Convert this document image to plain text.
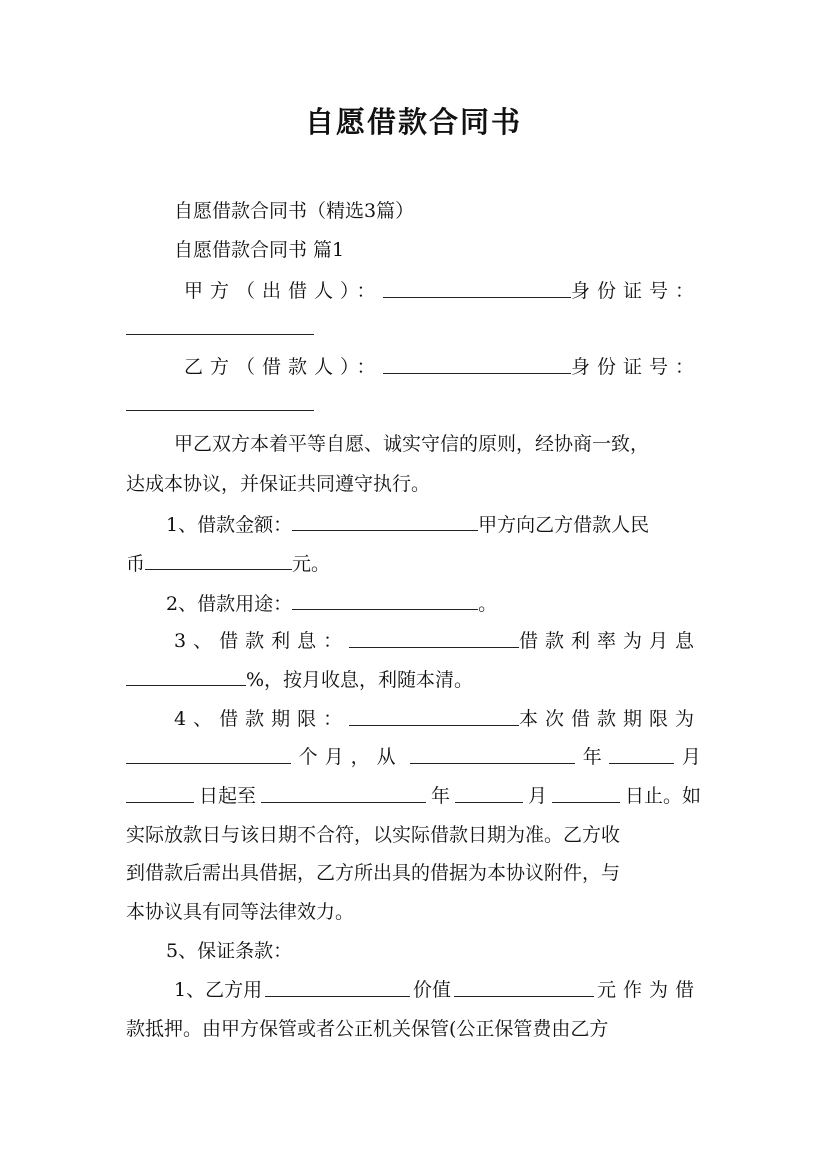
自愿借款合同书
自愿借款合同书（精选3篇）
自愿借款合同书 篇1
甲方（出借人）：	身份证号：
乙方（借款人）：	身份证号：
甲乙双方本着平等自愿、诚实守信的原则，经协商一致，
达成本协议，并保证共同遵守执行。
1、借款金额：	甲方向乙方借款人民
币	元。
2、借款用途：	。
3、借款利息：	借款利率为月息
%，按月收息，利随本清。
4、借款期限：	本次借款期限为
个月，从	年	月
日起至	年	月	日止。如
实际放款日与该日期不合符，以实际借款日期为准。乙方收
到借款后需出具借据，乙方所出具的借据为本协议附件，与
本协议具有同等法律效力。
5、保证条款：
1、乙方用	价值	元作为借
款抵押。由甲方保管或者公正机关保管(公正保管费由乙方
